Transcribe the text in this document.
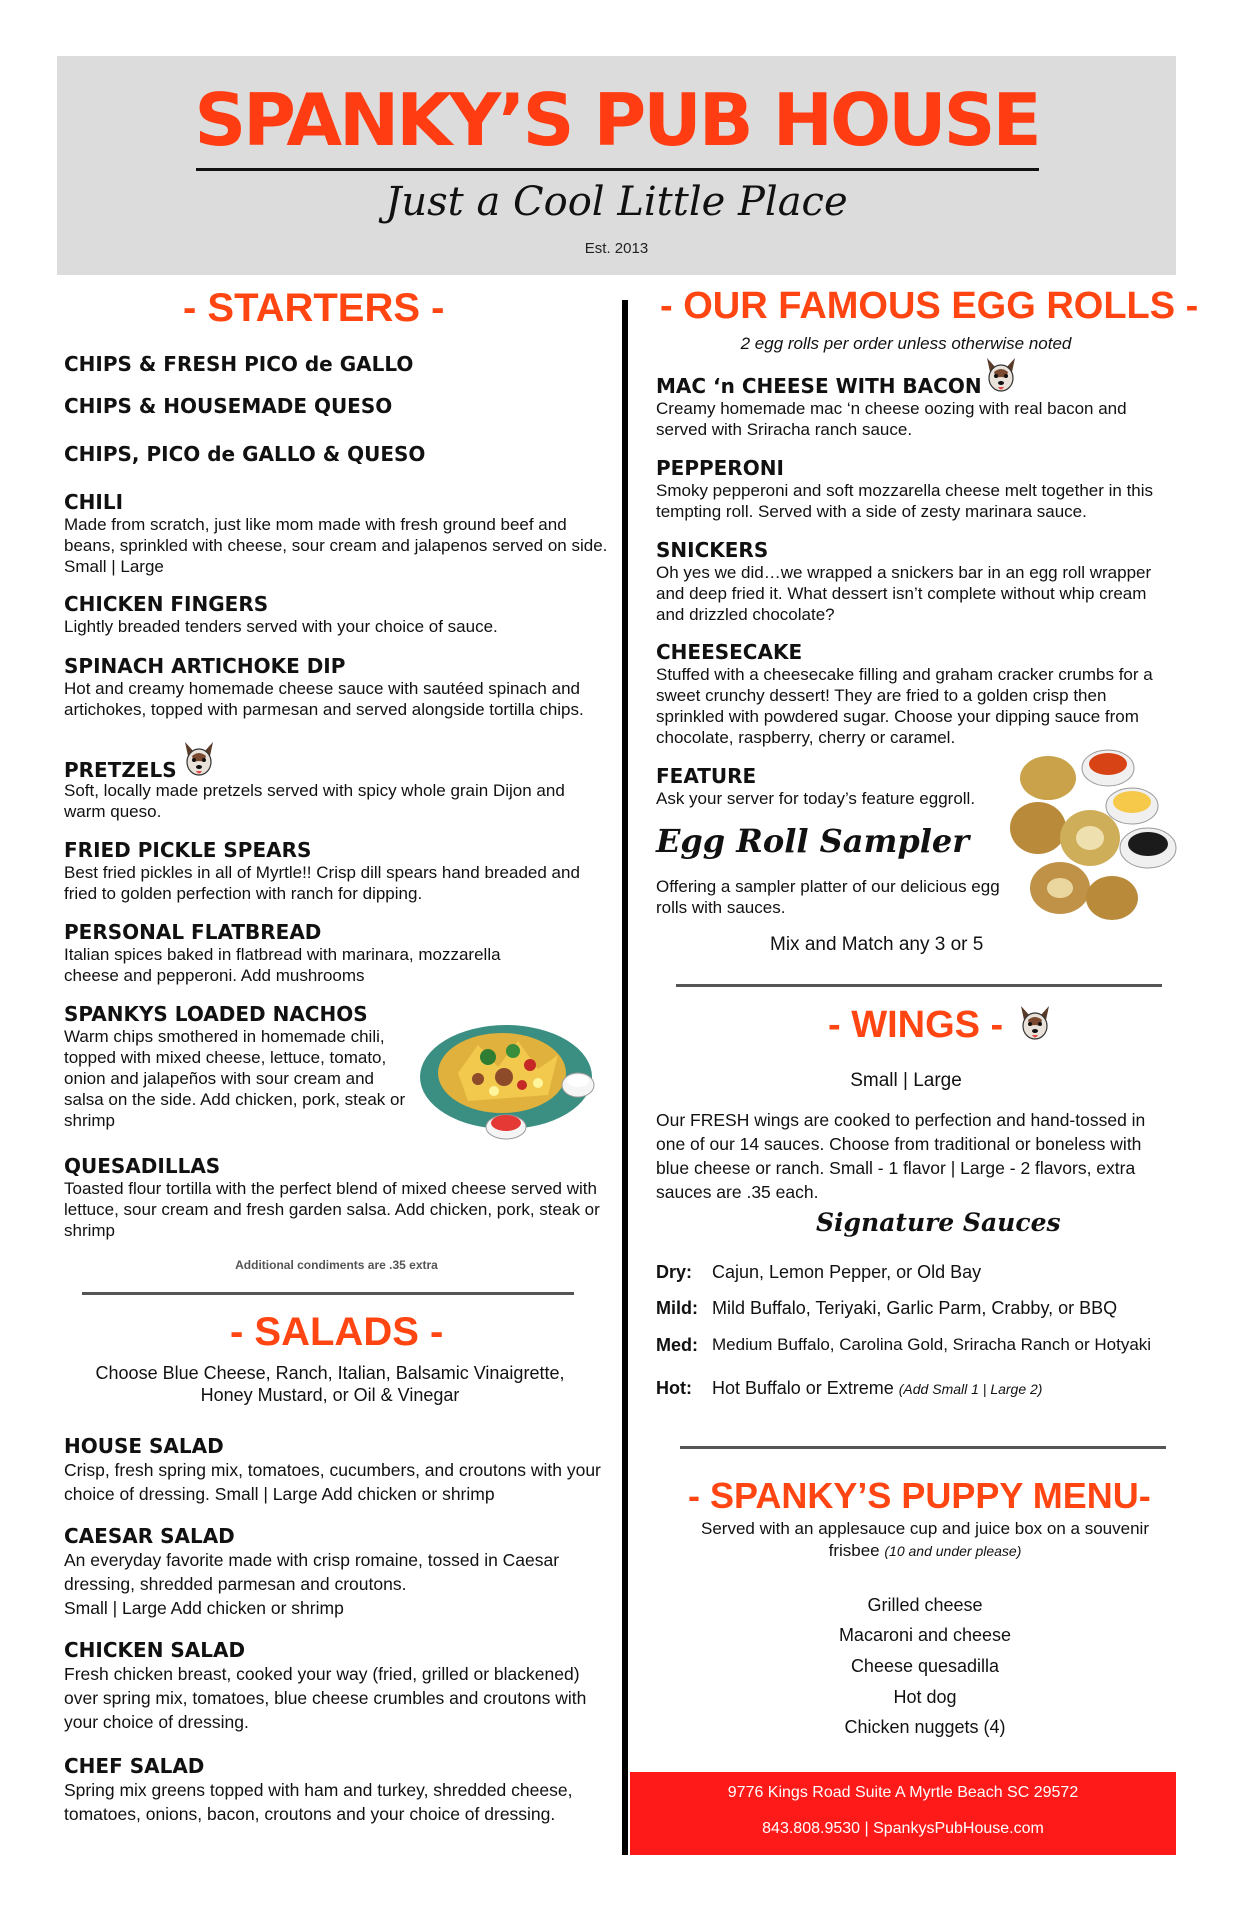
SPANKY’S PUB HOUSE
Just a Cool Little Place
Est. 2013
- STARTERS -
CHIPS & FRESH PICO de GALLO
CHIPS & HOUSEMADE QUESO
CHIPS, PICO de GALLO & QUESO
CHILI
Made from scratch, just like mom made with fresh ground beef and beans, sprinkled with cheese, sour cream and jalapenos served on side. Small | Large
CHICKEN FINGERS
Lightly breaded tenders served with your choice of sauce.
SPINACH ARTICHOKE DIP
Hot and creamy homemade cheese sauce with sautéed spinach and artichokes, topped with parmesan and served alongside tortilla chips.
PRETZELS
Soft, locally made pretzels served with spicy whole grain Dijon and warm queso.
FRIED PICKLE SPEARS
Best fried pickles in all of Myrtle!! Crisp dill spears hand breaded and fried to golden perfection with ranch for dipping.
PERSONAL FLATBREAD
Italian spices baked in flatbread with marinara, mozzarella cheese and pepperoni. Add mushrooms
SPANKYS LOADED NACHOS
Warm chips smothered in homemade chili, topped with mixed cheese, lettuce, tomato, onion and jalapeños with sour cream and salsa on the side. Add chicken, pork, steak or shrimp
QUESADILLAS
Toasted flour tortilla with the perfect blend of mixed cheese served with lettuce, sour cream and fresh garden salsa. Add chicken, pork, steak or shrimp
Additional condiments are .35 extra
- SALADS -
Choose Blue Cheese, Ranch, Italian, Balsamic Vinaigrette, Honey Mustard, or Oil & Vinegar
HOUSE SALAD
Crisp, fresh spring mix, tomatoes, cucumbers, and croutons with your choice of dressing. Small | Large Add chicken or shrimp
CAESAR SALAD
An everyday favorite made with crisp romaine, tossed in Caesar dressing, shredded parmesan and croutons.
Small | Large Add chicken or shrimp
CHICKEN SALAD
Fresh chicken breast, cooked your way (fried, grilled or blackened) over spring mix, tomatoes, blue cheese crumbles and croutons with your choice of dressing.
CHEF SALAD
Spring mix greens topped with ham and turkey, shredded cheese, tomatoes, onions, bacon, croutons and your choice of dressing.
- OUR FAMOUS EGG ROLLS -
2 egg rolls per order unless otherwise noted
MAC ‘n CHEESE WITH BACON
Creamy homemade mac ‘n cheese oozing with real bacon and served with Sriracha ranch sauce.
PEPPERONI
Smoky pepperoni and soft mozzarella cheese melt together in this tempting roll. Served with a side of zesty marinara sauce.
SNICKERS
Oh yes we did…we wrapped a snickers bar in an egg roll wrapper and deep fried it. What dessert isn’t complete without whip cream and drizzled chocolate?
CHEESECAKE
Stuffed with a cheesecake filling and graham cracker crumbs for a sweet crunchy dessert! They are fried to a golden crisp then sprinkled with powdered sugar. Choose your dipping sauce from chocolate, raspberry, cherry or caramel.
FEATURE
Ask your server for today’s feature eggroll.
Egg Roll Sampler
Offering a sampler platter of our delicious egg rolls with sauces.
Mix and Match any 3 or 5
- WINGS -
Small | Large
Our FRESH wings are cooked to perfection and hand-tossed in one of our 14 sauces. Choose from traditional or boneless with blue cheese or ranch. Small - 1 flavor | Large - 2 flavors, extra sauces are .35 each.
Signature Sauces
Dry: Cajun, Lemon Pepper, or Old Bay
Mild: Mild Buffalo, Teriyaki, Garlic Parm, Crabby, or BBQ
Med: Medium Buffalo, Carolina Gold, Sriracha Ranch or Hotyaki
Hot: Hot Buffalo or Extreme (Add Small 1 | Large 2)
- SPANKY’S PUPPY MENU-
Served with an applesauce cup and juice box on a souvenir frisbee (10 and under please)
Grilled cheese
Macaroni and cheese
Cheese quesadilla
Hot dog
Chicken nuggets (4)
9776 Kings Road Suite A Myrtle Beach SC 29572
843.808.9530 | SpankysPubHouse.com
